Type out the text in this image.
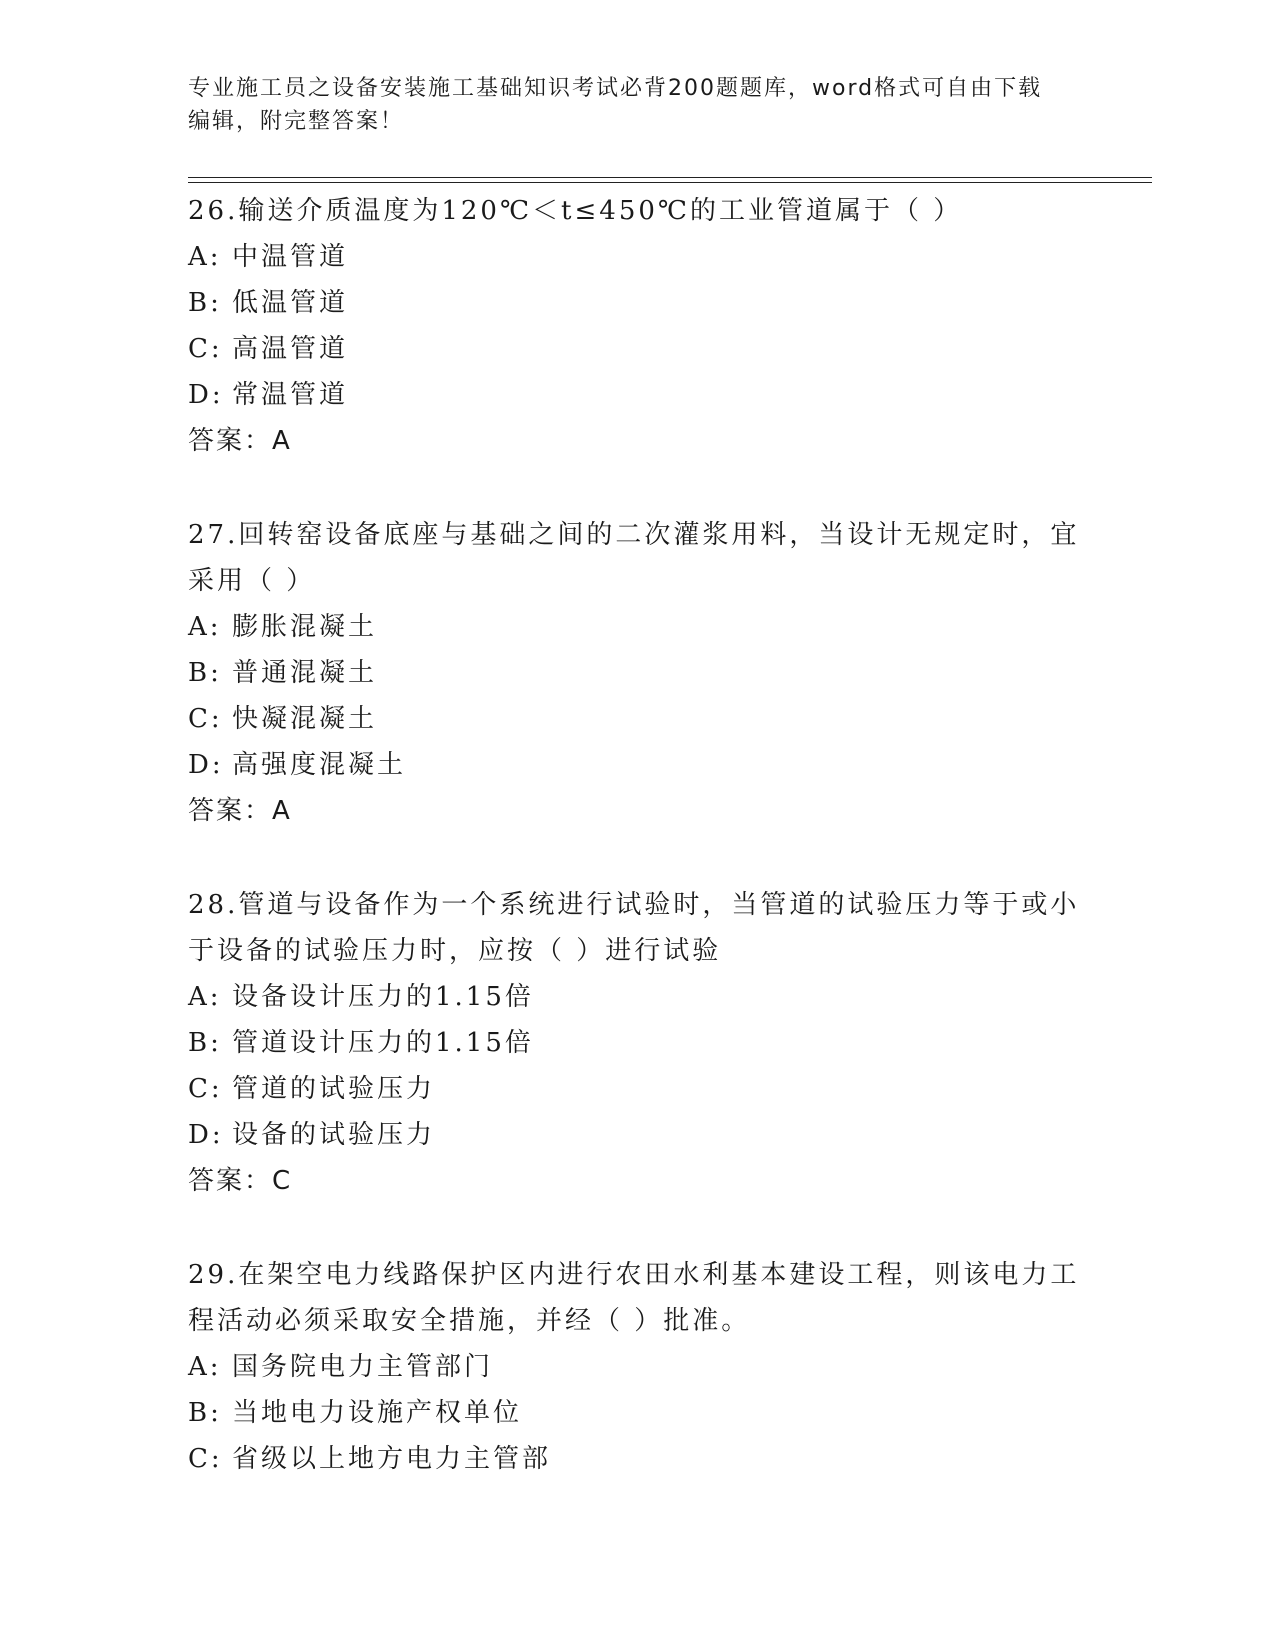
专业施工员之设备安装施工基础知识考试必背200题题库，word格式可自由下载
编辑，附完整答案！

26.输送介质温度为120℃＜t≤450℃的工业管道属于（ ）

A: 中温管道

B: 低温管道

C: 高温管道

D: 常温管道

答案：A

27.回转窑设备底座与基础之间的二次灌浆用料，当设计无规定时，宜采用（ ）

A: 膨胀混凝土

B: 普通混凝土

C: 快凝混凝土

D: 高强度混凝土

答案：A

28.管道与设备作为一个系统进行试验时，当管道的试验压力等于或小于设备的试验压力时，应按（ ）进行试验

A: 设备设计压力的1.15倍

B: 管道设计压力的1.15倍

C: 管道的试验压力

D: 设备的试验压力

答案：C

29.在架空电力线路保护区内进行农田水利基本建设工程，则该电力工程活动必须采取安全措施，并经（ ）批准。

A: 国务院电力主管部门

B: 当地电力设施产权单位

C: 省级以上地方电力主管部
